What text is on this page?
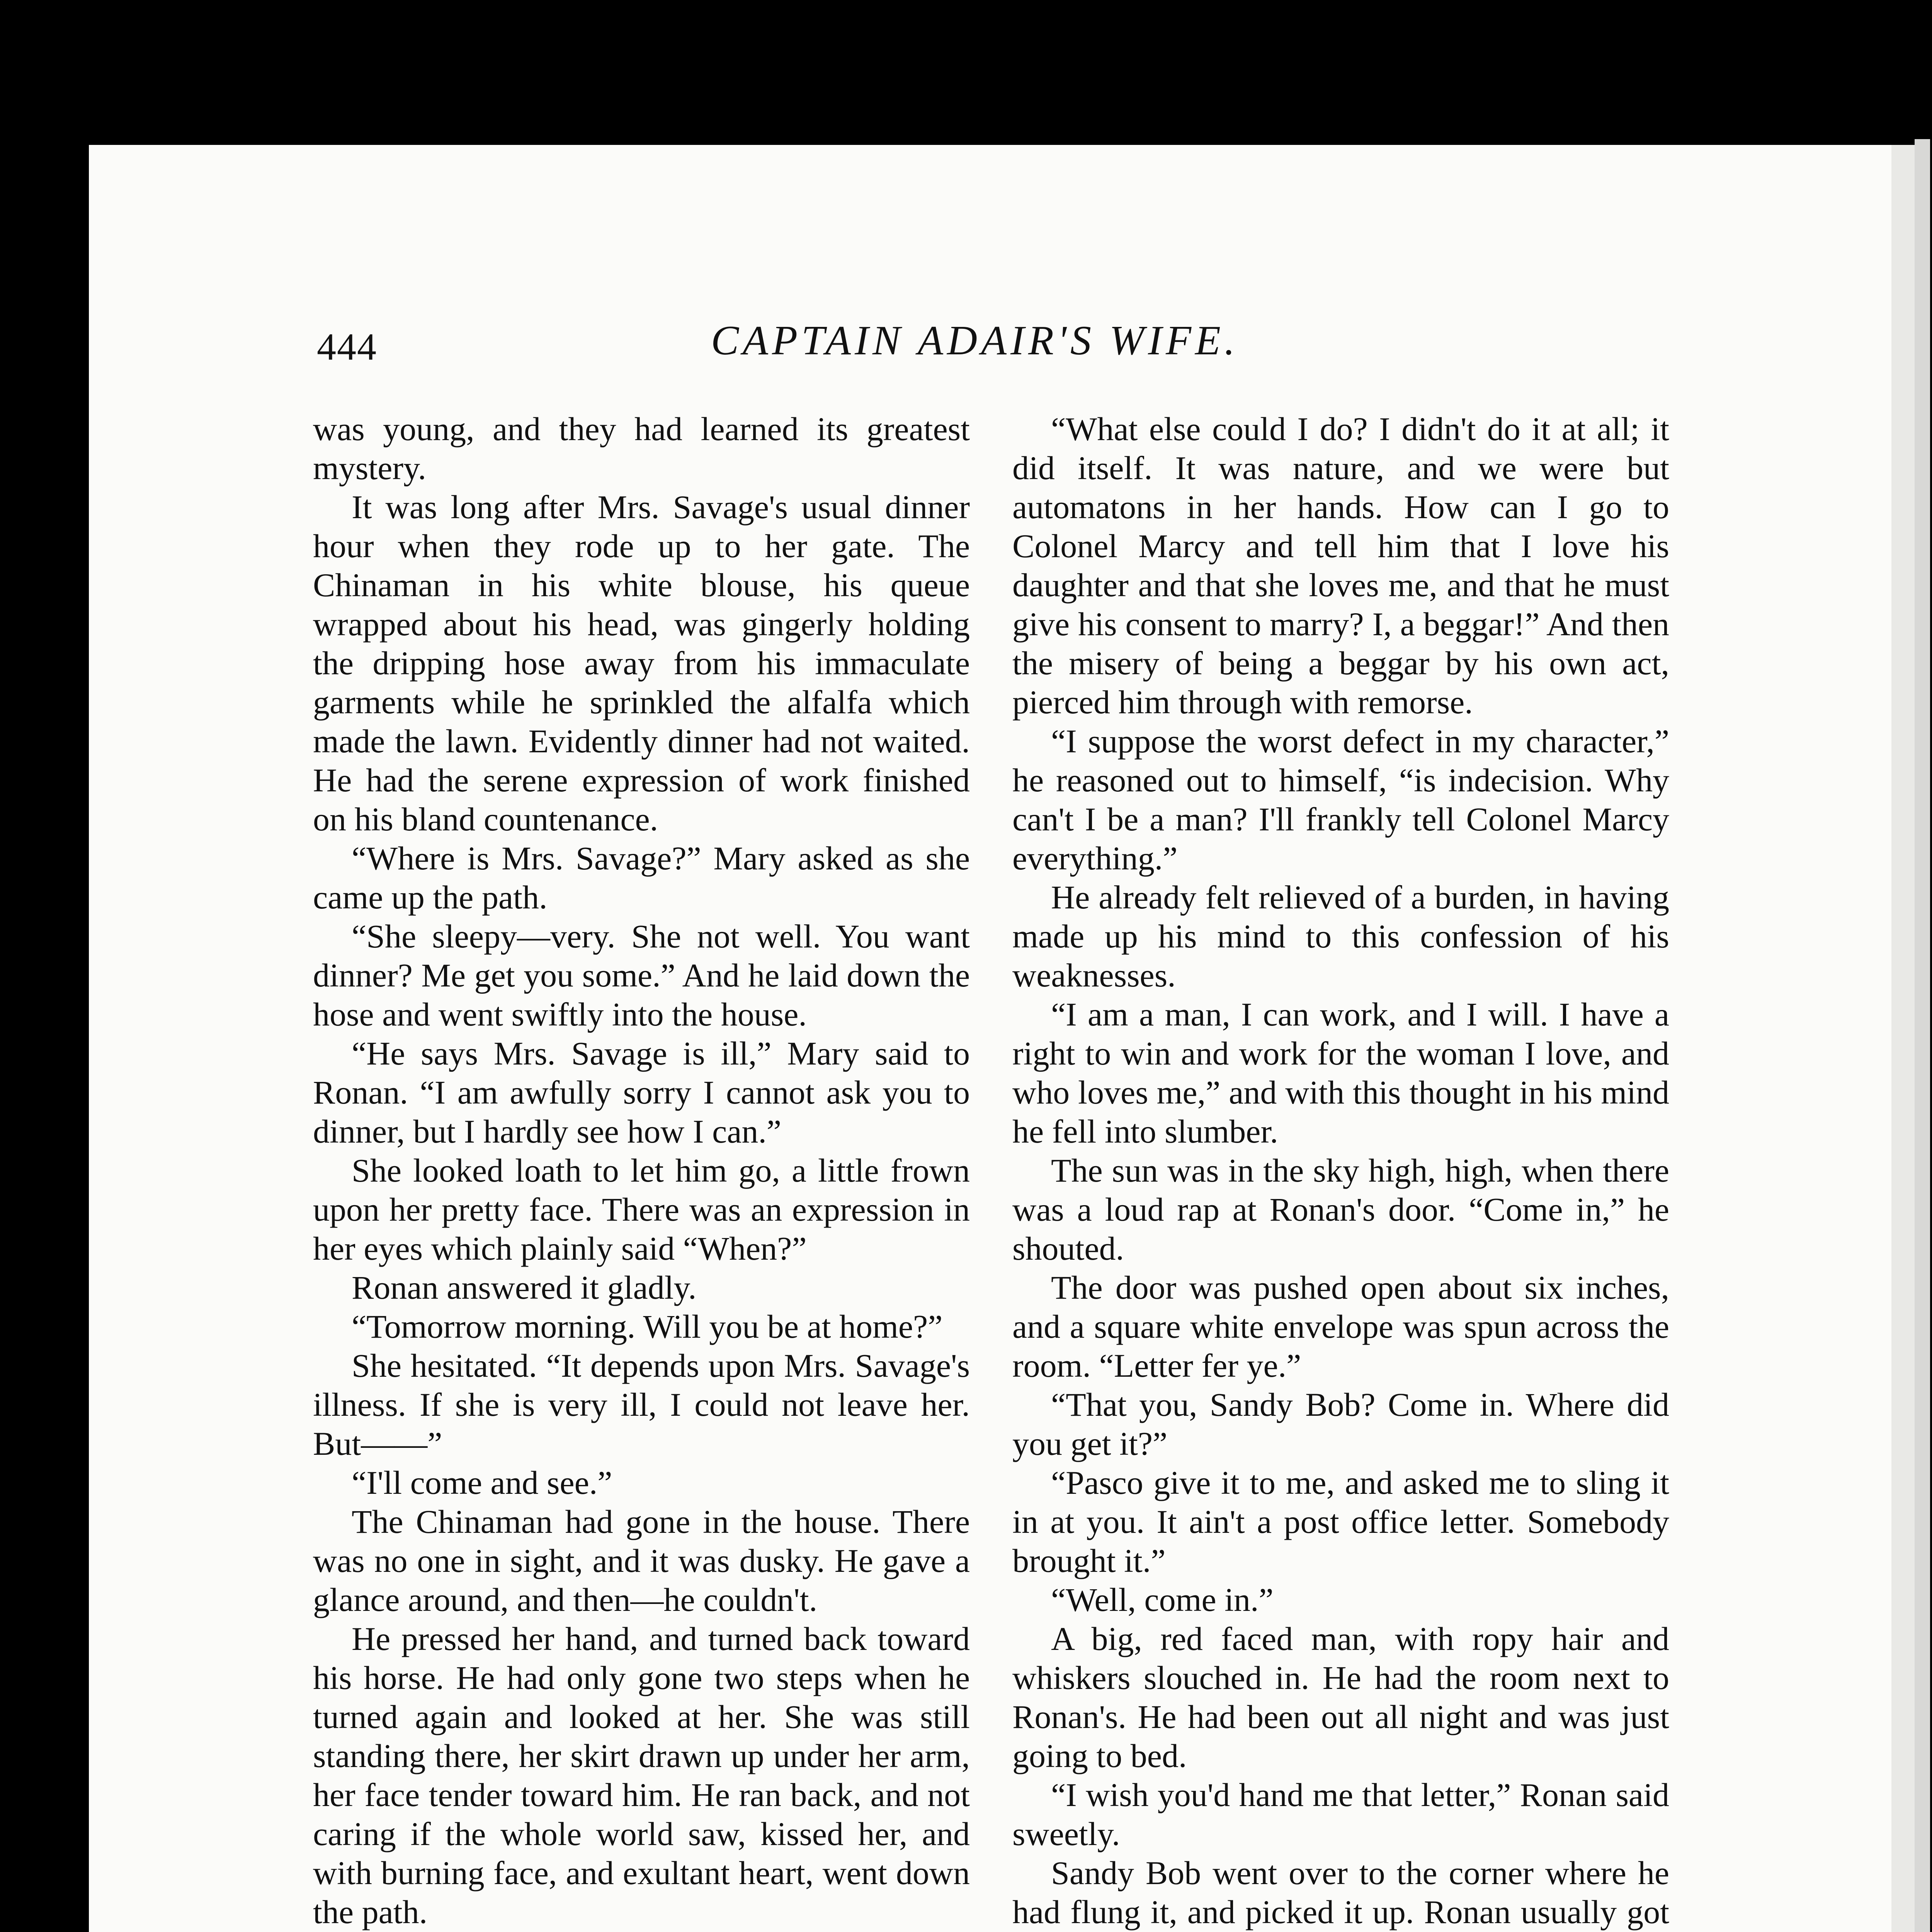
444	CAPTAIN ADAIR'S WIFE.

was young, and they had learned its greatest mystery.

It was long after Mrs. Savage's usual dinner hour when they rode up to her gate. The Chinaman in his white blouse, his queue wrapped about his head, was gingerly holding the dripping hose away from his immaculate garments while he sprinkled the alfalfa which made the lawn. Evidently dinner had not waited. He had the serene expression of work finished on his bland countenance.

“Where is Mrs. Savage?” Mary asked as she came up the path.

“She sleepy—very. She not well. You want dinner? Me get you some.” And he laid down the hose and went swiftly into the house.

“He says Mrs. Savage is ill,” Mary said to Ronan. “I am awfully sorry I cannot ask you to dinner, but I hardly see how I can.”

She looked loath to let him go, a little frown upon her pretty face. There was an expression in her eyes which plainly said “When?”

Ronan answered it gladly.

“Tomorrow morning. Will you be at home?”

She hesitated. “It depends upon Mrs. Savage's illness. If she is very ill, I could not leave her. But——”

“I'll come and see.”

The Chinaman had gone in the house. There was no one in sight, and it was dusky. He gave a glance around, and then—he couldn't.

He pressed her hand, and turned back toward his horse. He had only gone two steps when he turned again and looked at her. She was still standing there, her skirt drawn up under her arm, her face tender toward him. He ran back, and not caring if the whole world saw, kissed her, and with burning face, and exultant heart, went down the path.

“What else could I do? I didn't do it at all; it did itself. It was nature, and we were but automatons in her hands. How can I go to Colonel Marcy and tell him that I love his daughter and that she loves me, and that he must give his consent to marry? I, a beggar!” And then the misery of being a beggar by his own act, pierced him through with remorse.

“I suppose the worst defect in my character,” he reasoned out to himself, “is indecision. Why can't I be a man? I'll frankly tell Colonel Marcy everything.”

He already felt relieved of a burden, in having made up his mind to this confession of his weaknesses.

“I am a man, I can work, and I will. I have a right to win and work for the woman I love, and who loves me,” and with this thought in his mind he fell into slumber.

The sun was in the sky high, high, when there was a loud rap at Ronan's door. “Come in,” he shouted.

The door was pushed open about six inches, and a square white envelope was spun across the room. “Letter fer ye.”

“That you, Sandy Bob? Come in. Where did you get it?”

“Pasco give it to me, and asked me to sling it in at you. It ain't a post office letter. Somebody brought it.”

“Well, come in.”

A big, red faced man, with ropy hair and whiskers slouched in. He had the room next to Ronan's. He had been out all night and was just going to bed.

“I wish you'd hand me that letter,” Ronan said sweetly.

Sandy Bob went over to the corner where he had flung it, and picked it up. Ronan usually got
